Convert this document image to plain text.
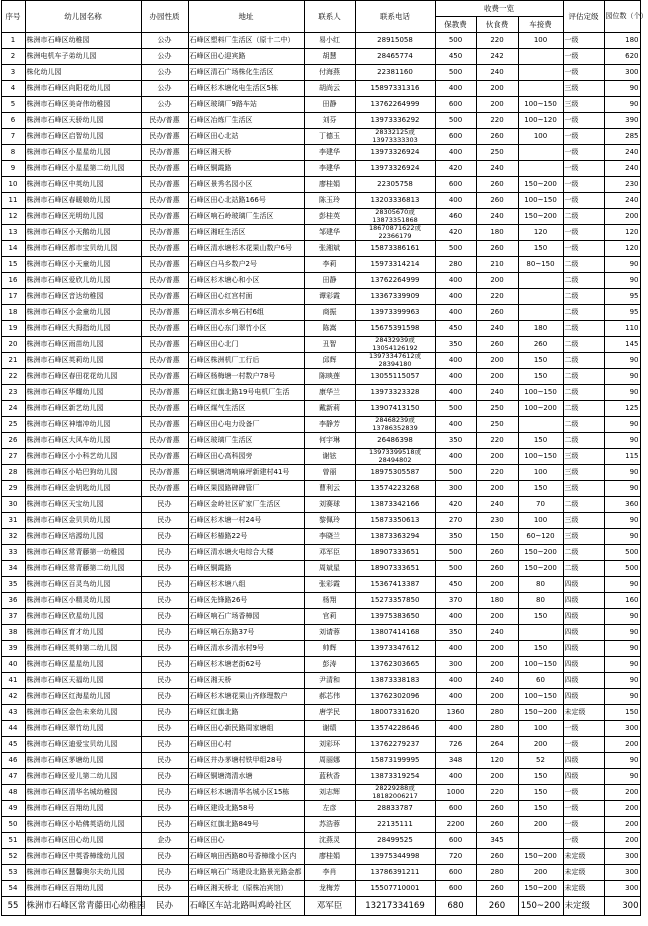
序号	幼儿园名称	办园性质	地址	联系人	联系电话	收费一览			评估定级	园位数（个）
						保教费	伙食费	车接费		
1	株洲市石峰区幼稚园	公办	石峰区塑料厂生活区（原十二中）	易小红	28915058	500	220	100	一级	180
2	株洲电机车子弟幼儿园	公办	石峰区田心迎宾路	胡慧	28465774	450	242		一级	620
3	株化幼儿园	公办	石峰区清石广场株化生活区	付海燕	22381160	500	240		一级	300
4	株洲市石峰区向阳花幼儿园	公办	石峰区杉木塘化电生活区5栋	胡尚云	15897331316	400	200		三级	90
5	株洲市石峰区美奇伟幼稚园	公办	石峰区玻璃厂9路车站	田静	13762264999	600	200	100~150	三级	90
6	株洲市石峰区天骄幼儿园	民办/普惠	石峰区冶炼厂生活区	刘芬	13973336292	500	220	100~120	一级	390
7	株洲市石峰区启智幼儿园	民办/普惠	石峰区田心北站	丁德玉	28332125或13973333303	600	260	100	一级	285
8	株洲市石峰区小星星幼儿园	民办/普惠	石峰区湘天桥	李建华	13973326924	400	250		一级	240
9	株洲市石峰区小星星第二幼儿园	民办/普惠	石峰区铜霞路	李建华	13973326924	420	240		一级	240
10	株洲市石峰区中英幼儿园	民办/普惠	石峰区景秀名园小区	廖桂娟	22305758	600	260	150~200	一级	230
11	株洲市石峰区春暖娘幼儿园	民办/普惠	石峰区田心北站路166号	陈玉玲	13203336813	400	260	100~150	一级	240
12	株洲市石峰区光明幼儿园	民办/普惠	石峰区响石岭玻璃厂生活区	彭桂英	28305670或13873351868	460	240	150~200	二级	200
13	株洲市石峰区小天鹅幼儿园	民办/普惠	石峰区湘旺生活区	邹建华	18670871622或22366179	420	180	120	一级	120
14	株洲市石峰区都市宝贝幼儿园	民办/普惠	石峰区清水塘杉木花果山数户6号	张湘斌	15873386161	500	260	150	一级	120
15	株洲市石峰区小天童幼儿园	民办/普惠	石峰区白马乡数户2号	李莉	15973314214	280	210	80~150	二级	90
16	株洲市石峰区爱欣儿幼儿园	民办/普惠	石峰区杉木塘心和小区	田静	13762264999	400	200		二级	90
17	株洲市石峰区音达幼稚园	民办/普惠	石峰区田心红宫村面	谭彩霞	13367339909	400	220		二级	95
18	株洲市石峰区小金童幼儿园	民办/普惠	石峰区清水乡响石村6组	商振	13973399963	400	260		二级	95
19	株洲市石峰区大拇指幼儿园	民办/普惠	石峰区田心东门翠竹小区	陈嵩	15675391598	450	240	180	二级	110
20	株洲市石峰区雨苗幼儿园	民办/普惠	石峰区田心北门	丑智	28432939或13054126192	350	260	260	二级	145
21	株洲市石峰区英莉幼儿园	民办/普惠	石峰区株洲机厂工行后	邱辉	13973347612或28394180	400	200	150	二级	90
22	株洲市石峰区春田花花幼儿园	民办/普惠	石峰区杨梅塘一村数户78号	陈映莲	13055115057	400	200	150	二级	90
23	株洲市石峰区华耀幼儿园	民办/普惠	石峰区红旗北路19号电机厂生活	康华兰	13973323328	400	240	100~150	二级	90
24	株洲市石峰区新艺幼儿园	民办/普惠	石峰区煤气生活区	戴新莉	13907413150	500	250	100~200	二级	125
25	株洲市石峰区神墙冲幼儿园	民办/普惠	石峰区田心电力设备厂	李静芳	28468239或13786352839	400	250		二级	90
26	株洲市石峰区大风车幼儿园	民办/普惠	石峰区玻璃厂生活区	何宇琳	26486398	350	220	150	二级	90
27	株洲市石峰区小小科艺幼儿园	民办/普惠	石峰区田心高科园旁	谢铉	13973399518或28494802	400	200	100~150	三级	115
28	株洲市石峰区小哈巴狗幼儿园	民办/普惠	石峰区铜塘湾响麻坪新建村41号	曾丽	18975305587	500	220	100	三级	90
29	株洲市石峰区金钥匙幼儿园	民办/普惠	石峰区果园路碑碑管厂	曹利云	13574223268	300	200	150	三级	90
30	株洲市石峰区天宝幼儿园	民办	石峰区金岭社区矿家厂生活区	刘赛球	13873342166	420	240	70	二级	360
31	株洲市石峰区金贝贝幼儿园	民办	石峰区杉木塘一村24号	黎佩玲	15873350613	270	230	100	三级	90
32	株洲市石峰区培源幼儿园	民办	石峰区杉椿路22号	李晓兰	13873363294	350	150	60~120	三级	90
33	株洲市石峰区常青藤第一幼稚园	民办	石峰区清水塘火电综合大楼	邓军臣	18907333651	500	260	150~200	二级	500
34	株洲市石峰区常青藤第二幼儿园	民办	石峰区铜霞路	周斌星	18907333651	500	260	150~200	二级	500
35	株洲市石峰区百灵鸟幼儿园	民办	石峰区杉木塘八组	张彩霞	15367413387	450	200	80	四级	90
36	株洲市石峰区小精灵幼儿园	民办	石峰区先锋路26号	杨翔	15273357850	370	180	80	四级	160
37	株洲市石峰区欣星幼儿园	民办	石峰区响石广场香樟园	官莉	13975383650	400	200	150	四级	90
38	株洲市石峰区育才幼儿园	民办	石峰区响石东路37号	刘请蓉	13807414168	350	240		四级	90
39	株洲市石峰区英帅第二幼儿园	民办	石峰区清水乡清水村9号	帅辉	13973347612	400	200	150	四级	90
40	株洲市石峰区星星幼儿园	民办	石峰区杉木塘老街62号	彭涛	13762303665	300	200	100~150	四级	90
41	株洲市石峰区天福幼儿园	民办	石峰区湘天桥	尹清和	13873338183	400	240	60	四级	90
42	株洲市石峰区红海星幼儿园	民办	石峰区杉木塘花果山齐修理数户	郝芯伟	13762302096	400	200	100~150	四级	90
43	株洲市石峰区金色未来幼儿园	民办	石峰区红旗北路	唐学民	18007331620	1360	280	150~200	未定级	150
44	株洲市石峰区翠竹幼儿园	民办	石峰区田心新民路周家塘组	谢绩	13574228646	400	280	100	一级	300
45	株洲市石峰区迪爱宝贝幼儿园	民办	石峰区田心村	刘彩环	13762279237	726	264	200	一级	200
46	株洲市石峰区茅塘幼儿园	民办	石峰区井办茅塘村铁甲组28号	周丽娜	15873199995	348	120	52	四级	90
47	株洲市石峰区爱儿第二幼儿园	民办	石峰区铜塘湾清水塘	蓝秋香	13873319254	400	200	150	四级	90
48	株洲市石峰区清华名城幼稚园	民办	石峰区杉木塘清华名城小区15栋	刘志辉	28229288或18182006217	1000	220	150	一级	200
49	株洲市石峰区百翔幼儿园	民办	石峰区建设北路58号	左彦	28833787	600	260	150	一级	200
50	株洲市石峰区小哈佛英语幼儿园	民办	石峰区红旗北路849号	苏浩蓉	22135111	2200	260	200	一级	200
51	株洲市石峰区田心幼儿园	企办	石峰区田心	沈燕灵	28499525	600	345		一级	200
52	株洲市石峰区中英香樟缘幼儿园	民办	石峰区响田西路80号香樟缘小区内	廖桂娟	13975344998	720	260	150~200	未定级	300
53	株洲市石峰区慧馨奥尔夫幼儿园	民办	石峰区响石广场建设北路景光路金都	李肖	13786391211	600	280	200	未定级	300
54	株洲市石峰区百翔幼儿园	民办	石峰区湘天桥北（原株冶宾馆）	龙梅芳	15507710001	600	260	150~200	未定级	300
55	株洲市石峰区常青藤田心幼稚园	民办	石峰区车站北路叫鸡岭社区	邓军臣	13217334169	680	260	150~200	未定级	300
